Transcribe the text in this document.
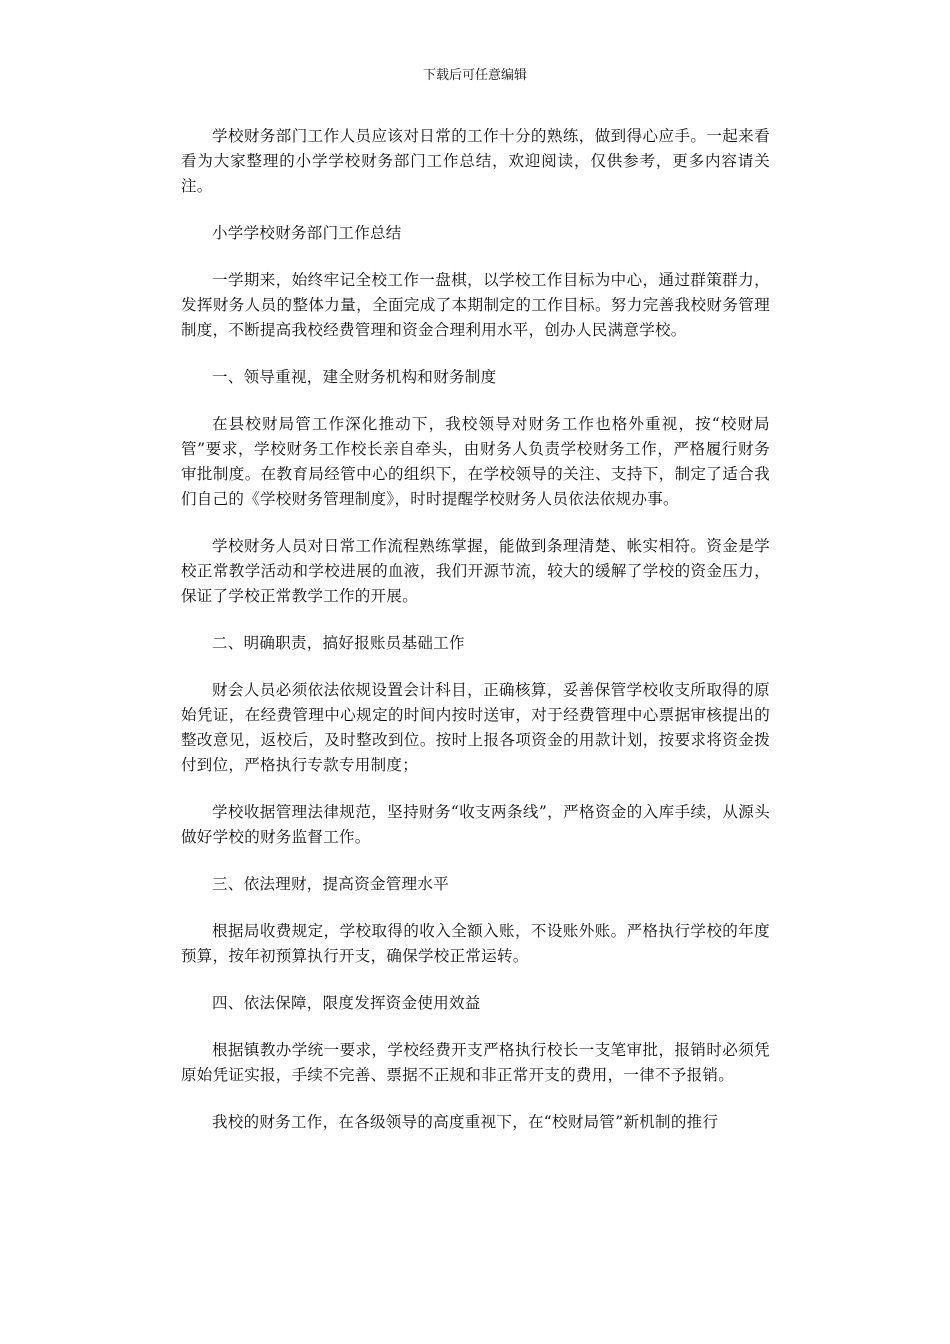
下载后可任意编辑

学校财务部门工作人员应该对日常的工作十分的熟练，做到得心应手。一起来看看为大家整理的小学学校财务部门工作总结，欢迎阅读，仅供参考，更多内容请关注。

小学学校财务部门工作总结

一学期来，始终牢记全校工作一盘棋，以学校工作目标为中心，通过群策群力，发挥财务人员的整体力量，全面完成了本期制定的工作目标。努力完善我校财务管理制度，不断提高我校经费管理和资金合理利用水平，创办人民满意学校。

一、领导重视，建全财务机构和财务制度

在县校财局管工作深化推动下，我校领导对财务工作也格外重视，按“校财局管”要求，学校财务工作校长亲自牵头，由财务人负责学校财务工作，严格履行财务审批制度。在教育局经管中心的组织下，在学校领导的关注、支持下，制定了适合我们自己的《学校财务管理制度》，时时提醒学校财务人员依法依规办事。

学校财务人员对日常工作流程熟练掌握，能做到条理清楚、帐实相符。资金是学校正常教学活动和学校进展的血液，我们开源节流，较大的缓解了学校的资金压力，保证了学校正常教学工作的开展。

二、明确职责，搞好报账员基础工作

财会人员必须依法依规设置会计科目，正确核算，妥善保管学校收支所取得的原始凭证，在经费管理中心规定的时间内按时送审，对于经费管理中心票据审核提出的整改意见，返校后，及时整改到位。按时上报各项资金的用款计划，按要求将资金拨付到位，严格执行专款专用制度；

学校收据管理法律规范，坚持财务“收支两条线”，严格资金的入库手续，从源头做好学校的财务监督工作。

三、依法理财，提高资金管理水平

根据局收费规定，学校取得的收入全额入账，不设账外账。严格执行学校的年度预算，按年初预算执行开支，确保学校正常运转。

四、依法保障，限度发挥资金使用效益

根据镇教办学统一要求，学校经费开支严格执行校长一支笔审批，报销时必须凭原始凭证实报，手续不完善、票据不正规和非正常开支的费用，一律不予报销。

我校的财务工作，在各级领导的高度重视下，在“校财局管”新机制的推行
